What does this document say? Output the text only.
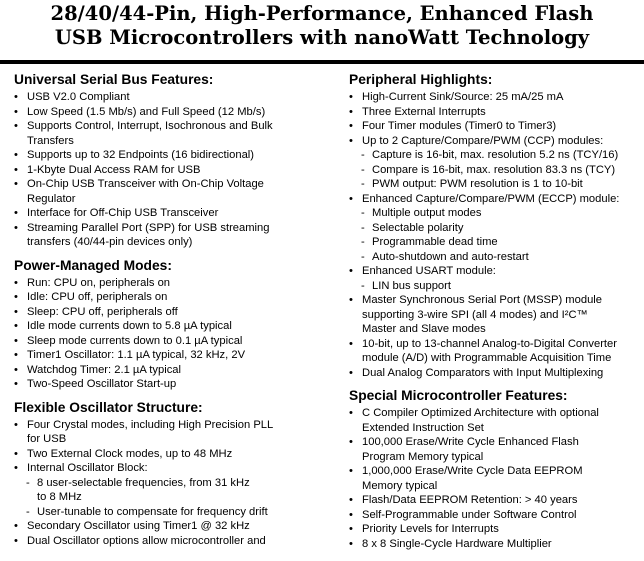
28/40/44-Pin, High-Performance, Enhanced Flash
USB Microcontrollers with nanoWatt Technology
Universal Serial Bus Features:
• USB V2.0 Compliant
• Low Speed (1.5 Mb/s) and Full Speed (12 Mb/s)
• Supports Control, Interrupt, Isochronous and Bulk
Transfers
• Supports up to 32 Endpoints (16 bidirectional)
• 1-Kbyte Dual Access RAM for USB
• On-Chip USB Transceiver with On-Chip Voltage
Regulator
• Interface for Off-Chip USB Transceiver
• Streaming Parallel Port (SPP) for USB streaming
transfers (40/44-pin devices only)
Power-Managed Modes:
• Run: CPU on, peripherals on
• Idle: CPU off, peripherals on
• Sleep: CPU off, peripherals off
• Idle mode currents down to 5.8 µA typical
• Sleep mode currents down to 0.1 µA typical
• Timer1 Oscillator: 1.1 µA typical, 32 kHz, 2V
• Watchdog Timer: 2.1 µA typical
• Two-Speed Oscillator Start-up
Flexible Oscillator Structure:
• Four Crystal modes, including High Precision PLL
for USB
• Two External Clock modes, up to 48 MHz
• Internal Oscillator Block:
- 8 user-selectable frequencies, from 31 kHz
to 8 MHz
- User-tunable to compensate for frequency drift
• Secondary Oscillator using Timer1 @ 32 kHz
• Dual Oscillator options allow microcontroller and
Peripheral Highlights:
• High-Current Sink/Source: 25 mA/25 mA
• Three External Interrupts
• Four Timer modules (Timer0 to Timer3)
• Up to 2 Capture/Compare/PWM (CCP) modules:
- Capture is 16-bit, max. resolution 5.2 ns (TCY/16)
- Compare is 16-bit, max. resolution 83.3 ns (TCY)
- PWM output: PWM resolution is 1 to 10-bit
• Enhanced Capture/Compare/PWM (ECCP) module:
- Multiple output modes
- Selectable polarity
- Programmable dead time
- Auto-shutdown and auto-restart
• Enhanced USART module:
- LIN bus support
• Master Synchronous Serial Port (MSSP) module
supporting 3-wire SPI (all 4 modes) and I²C™
Master and Slave modes
• 10-bit, up to 13-channel Analog-to-Digital Converter
module (A/D) with Programmable Acquisition Time
• Dual Analog Comparators with Input Multiplexing
Special Microcontroller Features:
• C Compiler Optimized Architecture with optional
Extended Instruction Set
• 100,000 Erase/Write Cycle Enhanced Flash
Program Memory typical
• 1,000,000 Erase/Write Cycle Data EEPROM
Memory typical
• Flash/Data EEPROM Retention: > 40 years
• Self-Programmable under Software Control
• Priority Levels for Interrupts
• 8 x 8 Single-Cycle Hardware Multiplier
